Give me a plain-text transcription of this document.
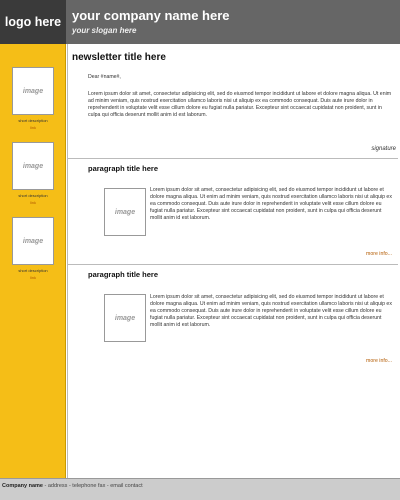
logo here your company name here
your slogan here
image
short description
link
image
short description
link
image
short description
link
newsletter title here
Dear #name#,
Lorem ipsum dolor sit amet, consectetur adipisicing elit, sed do eiusmod tempor incididunt ut labore et dolore magna aliqua. Ut enim ad minim veniam, quis nostrud exercitation ullamco laboris nisi ut aliquip ex ea commodo consequat. Duis aute irure dolor in reprehenderit in voluptate velit esse cillum dolore eu fugiat nulla pariatur. Excepteur sint occaecat cupidatat non proident, sunt in culpa qui officia deserunt mollit anim id est laborum.
signature
paragraph title here
image
Lorem ipsum dolor sit amet, consectetur adipisicing elit, sed do eiusmod tempor incididunt ut labore et dolore magna aliqua. Ut enim ad minim veniam, quis nostrud exercitation ullamco laboris nisi ut aliquip ex ea commodo consequat. Duis aute irure dolor in reprehenderit in voluptate velit esse cillum dolore eu fugiat nulla pariatur. Excepteur sint occaecat cupidatat non proident, sunt in culpa qui officia deserunt mollit anim id est laborum.
more info...
paragraph title here
image
Lorem ipsum dolor sit amet, consectetur adipisicing elit, sed do eiusmod tempor incididunt ut labore et dolore magna aliqua. Ut enim ad minim veniam, quis nostrud exercitation ullamco laboris nisi ut aliquip ex ea commodo consequat. Duis aute irure dolor in reprehenderit in voluptate velit esse cillum dolore eu fugiat nulla pariatur. Excepteur sint occaecat cupidatat non proident, sunt in culpa qui officia deserunt mollit anim id est laborum.
more info...
Company name - address - telephone fax - email contact
